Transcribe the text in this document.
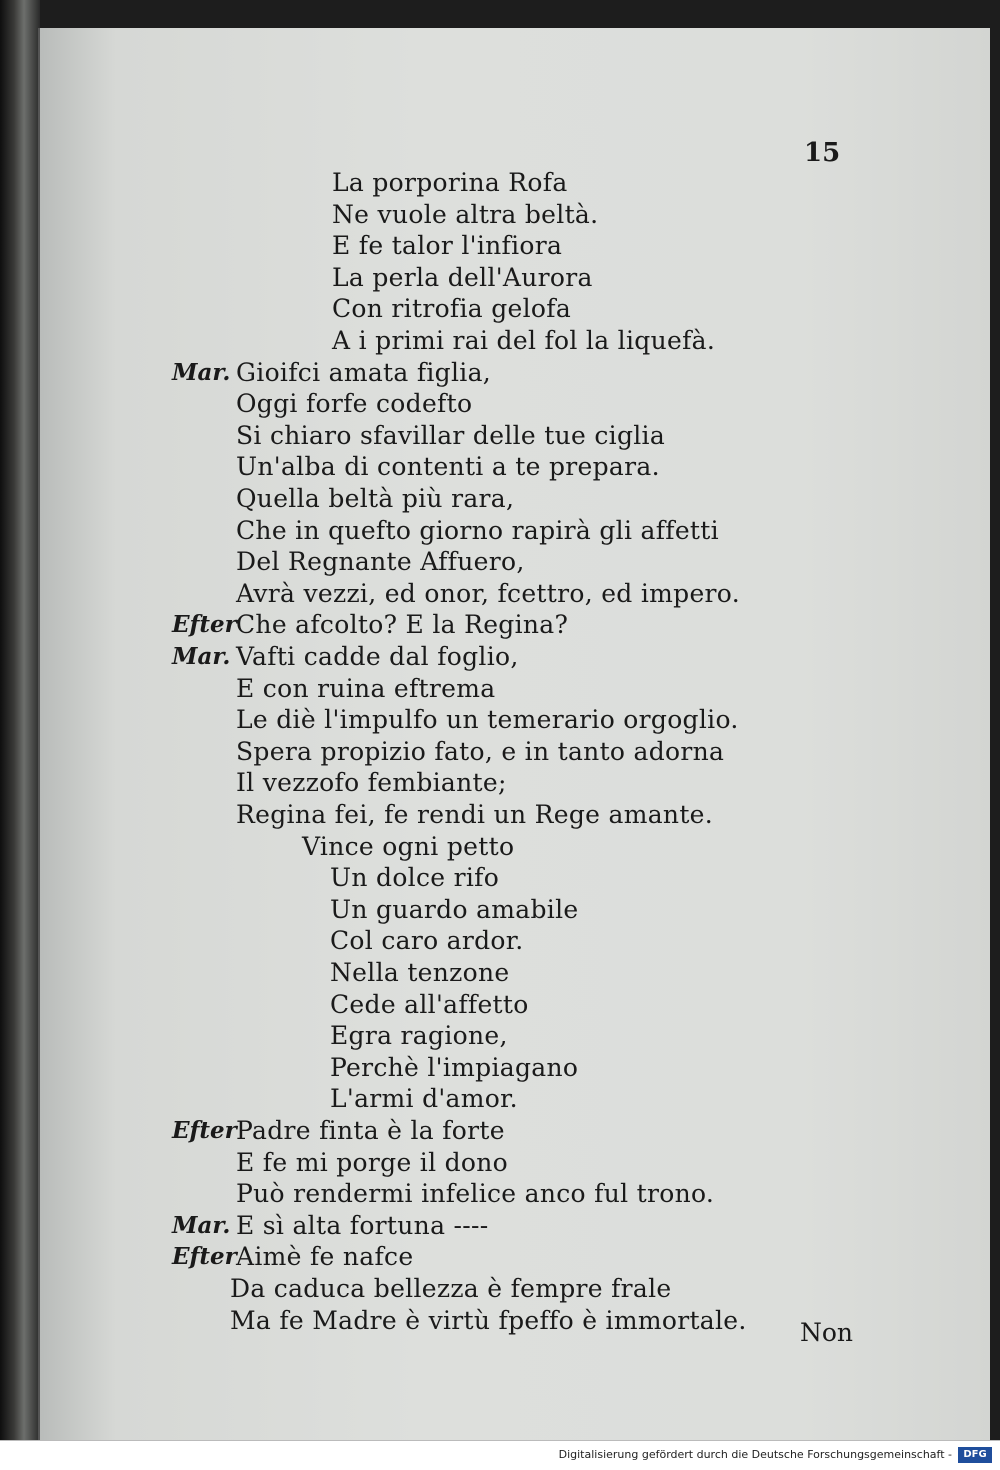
15
La porporina Rofa
Ne vuole altra beltà.
E fe talor l'infiora
La perla dell'Aurora
Con ritrofia gelofa
A i primi rai del fol la liquefà.
Mar. Gioifci amata figlia,
Oggi forfe codefto
Si chiaro sfavillar delle tue ciglia
Un'alba di contenti a te prepara.
Quella beltà più rara,
Che in quefto giorno rapirà gli affetti
Del Regnante Affuero,
Avrà vezzi, ed onor, fcettro, ed impero.
Efter Che afcolto? E la Regina?
Mar. Vafti cadde dal foglio,
E con ruina eftrema
Le diè l'impulfo un temerario orgoglio.
Spera propizio fato, e in tanto adorna
Il vezzofo fembiante;
Regina fei, fe rendi un Rege amante.
Vince ogni petto
Un dolce rifo
Un guardo amabile
Col caro ardor.
Nella tenzone
Cede all'affetto
Egra ragione,
Perchè l'impiagano
L'armi d'amor.
Efter Padre finta è la forte
E fe mi porge il dono
Può rendermi infelice anco ful trono.
Mar. E sì alta fortuna ----
Efter Aimè fe nafce
Da caduca bellezza è fempre frale
Ma fe Madre è virtù fpeffo è immortale. Non
Digitalisierung gefördert durch die Deutsche Forschungsgemeinschaft -	DFG
